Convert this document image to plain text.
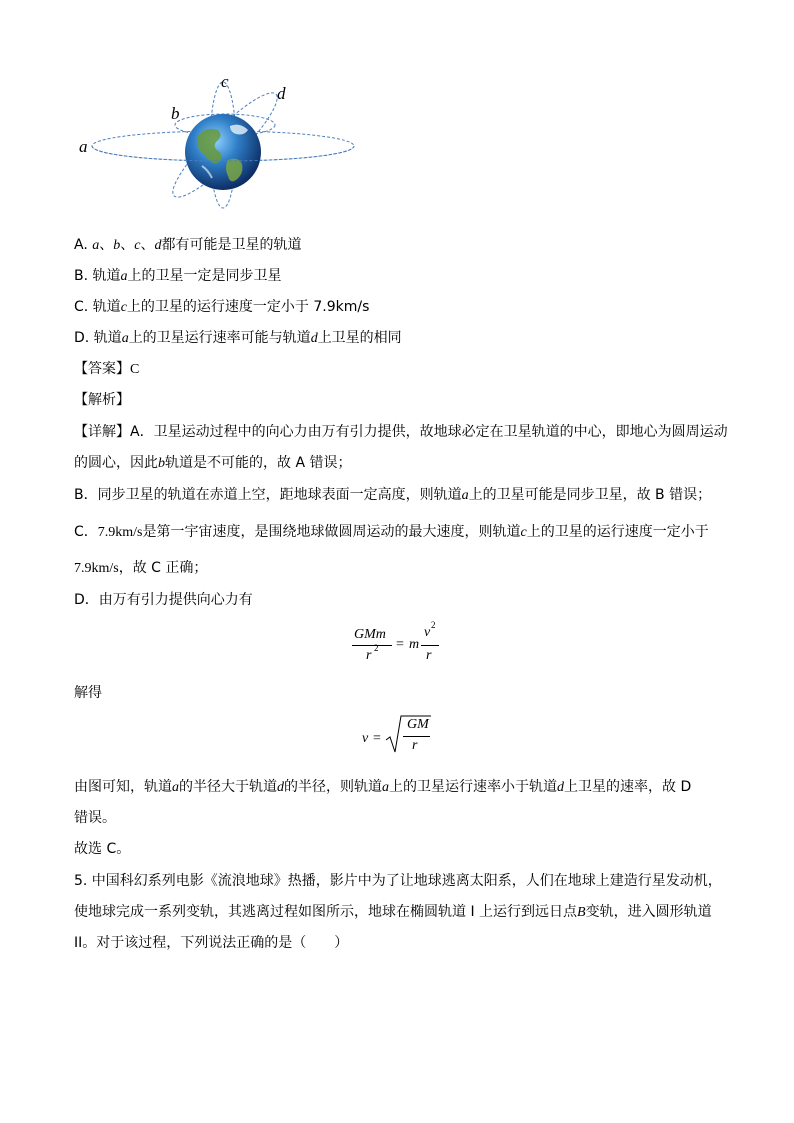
a
b
c
d
A. a、b、c、d都有可能是卫星的轨道
B. 轨道a上的卫星一定是同步卫星
C. 轨道c上的卫星的运行速度一定小于 7.9km/s
D. 轨道a上的卫星运行速率可能与轨道d上卫星的相同
【答案】C
【解析】
【详解】A．卫星运动过程中的向心力由万有引力提供，故地球必定在卫星轨道的中心，即地心为圆周运动
的圆心，因此b轨道是不可能的，故 A 错误；
B．同步卫星的轨道在赤道上空，距地球表面一定高度，则轨道a上的卫星可能是同步卫星，故 B 错误；
C．7.9km/s是第一宇宙速度，是围绕地球做圆周运动的最大速度，则轨道c上的卫星的运行速度一定小于
7.9km/s，故 C 正确；
D．由万有引力提供向心力有
GMm
r 2 = m
v 2
r
解得
v =
GM
r
由图可知，轨道a的半径大于轨道d的半径，则轨道a上的卫星运行速率小于轨道d上卫星的速率，故 D
错误。
故选 C。
5. 中国科幻系列电影《流浪地球》热播，影片中为了让地球逃离太阳系，人们在地球上建造行星发动机，
使地球完成一系列变轨，其逃离过程如图所示，地球在椭圆轨道 I 上运行到远日点B变轨，进入圆形轨道
II。对于该过程，下列说法正确的是（　　）
